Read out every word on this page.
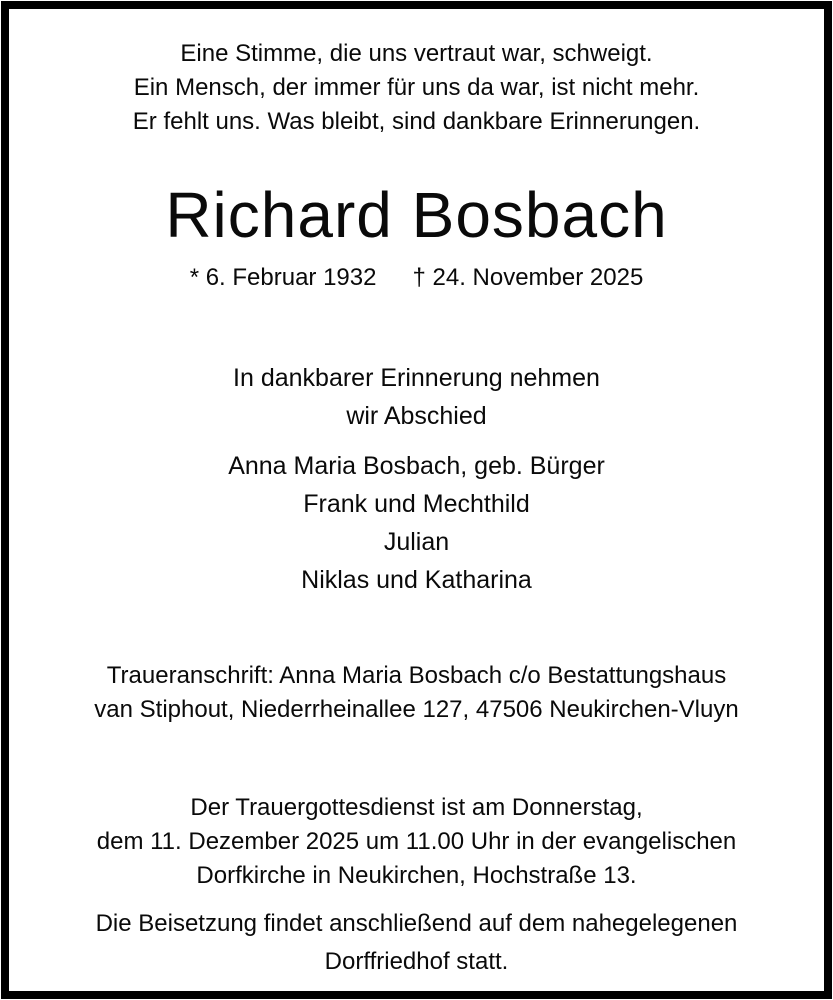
Eine Stimme, die uns vertraut war, schweigt.
Ein Mensch, der immer für uns da war, ist nicht mehr.
Er fehlt uns. Was bleibt, sind dankbare Erinnerungen.
Richard Bosbach
* 6. Februar 1932 † 24. November 2025
In dankbarer Erinnerung nehmen
wir Abschied
Anna Maria Bosbach, geb. Bürger
Frank und Mechthild
Julian
Niklas und Katharina
Traueranschrift: Anna Maria Bosbach c/o Bestattungshaus
van Stiphout, Niederrheinallee 127, 47506 Neukirchen-Vluyn
Der Trauergottesdienst ist am Donnerstag,
dem 11. Dezember 2025 um 11.00 Uhr in der evangelischen
Dorfkirche in Neukirchen, Hochstraße 13.
Die Beisetzung findet anschließend auf dem nahegelegenen
Dorffriedhof statt.
